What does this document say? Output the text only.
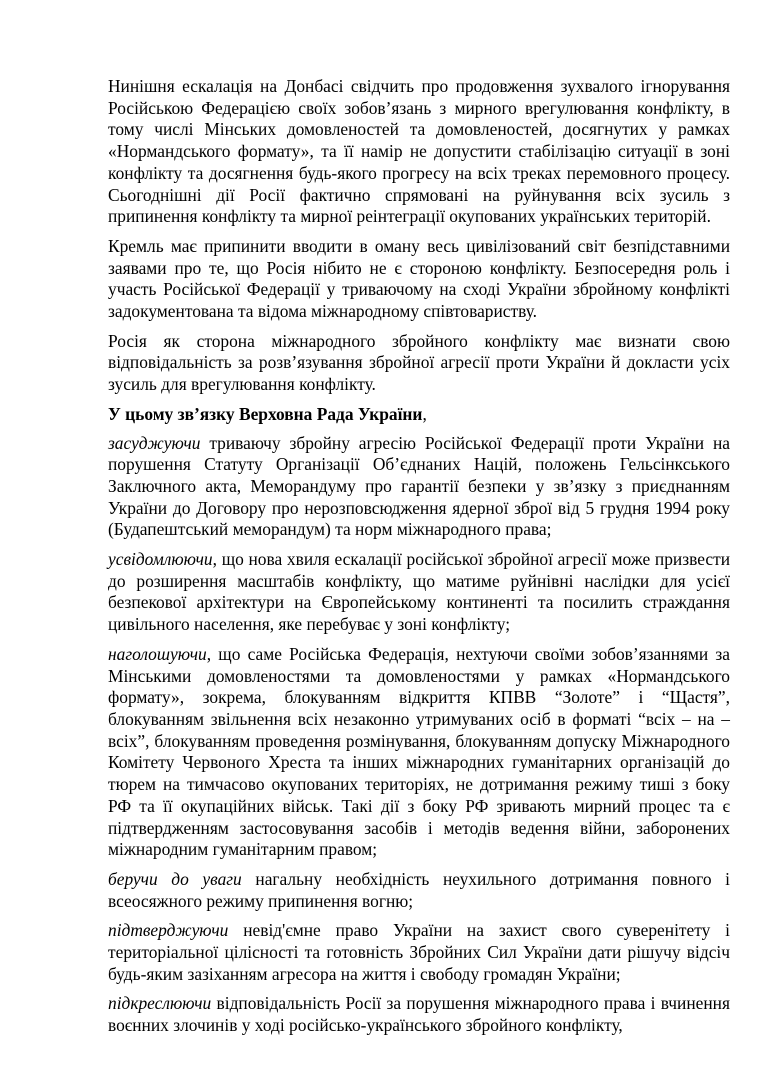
Нинішня ескалація на Донбасі свідчить про продовження зухвалого ігнорування Російською Федерацією своїх зобов’язань з мирного врегулювання конфлікту, в тому числі Мінських домовленостей та домовленостей, досягнутих у рамках «Нормандського формату», та її намір не допустити стабілізацію ситуації в зоні конфлікту та досягнення будь-якого прогресу на всіх треках перемовного процесу. Сьогоднішні дії Росії фактично спрямовані на руйнування всіх зусиль з припинення конфлікту та мирної реінтеграції окупованих українських територій.

Кремль має припинити вводити в оману весь цивілізований світ безпідставними заявами про те, що Росія нібито не є стороною конфлікту. Безпосередня роль і участь Російської Федерації у триваючому на сході України збройному конфлікті задокументована та відома міжнародному співтовариству.

Росія як сторона міжнародного збройного конфлікту має визнати свою відповідальність за розв’язування збройної агресії проти України й докласти усіх зусиль для врегулювання конфлікту.

У цьому зв’язку Верховна Рада України,

засуджуючи триваючу збройну агресію Російської Федерації проти України на порушення Статуту Організації Об’єднаних Націй, положень Гельсінкського Заключного акта, Меморандуму про гарантії безпеки у зв’язку з приєднанням України до Договору про нерозповсюдження ядерної зброї від 5 грудня 1994 року (Будапештський меморандум) та норм міжнародного права;

усвідомлюючи, що нова хвиля ескалації російської збройної агресії може призвести до розширення масштабів конфлікту, що матиме руйнівні наслідки для усієї безпекової архітектури на Європейському континенті та посилить страждання цивільного населення, яке перебуває у зоні конфлікту;

наголошуючи, що саме Російська Федерація, нехтуючи своїми зобов’язаннями за Мінськими домовленостями та домовленостями у рамках «Нормандського формату», зокрема, блокуванням відкриття КПВВ “Золоте” і “Щастя”, блокуванням звільнення всіх незаконно утримуваних осіб в форматі “всіх – на – всіх”, блокуванням проведення розмінування, блокуванням допуску Міжнародного Комітету Червоного Хреста та інших міжнародних гуманітарних організацій до тюрем на тимчасово окупованих територіях, не дотримання режиму тиші з боку РФ та її окупаційних військ. Такі дії з боку РФ зривають мирний процес та є підтвердженням застосовування засобів і методів ведення війни, заборонених міжнародним гуманітарним правом;

беручи до уваги нагальну необхідність неухильного дотримання повного і всеосяжного режиму припинення вогню;

підтверджуючи невід'ємне право України на захист свого суверенітету і територіальної цілісності та готовність Збройних Сил України дати рішучу відсіч будь-яким зазіханням агресора на життя і свободу громадян України;

підкреслюючи відповідальність Росії за порушення міжнародного права і вчинення воєнних злочинів у ході російсько-українського збройного конфлікту,
